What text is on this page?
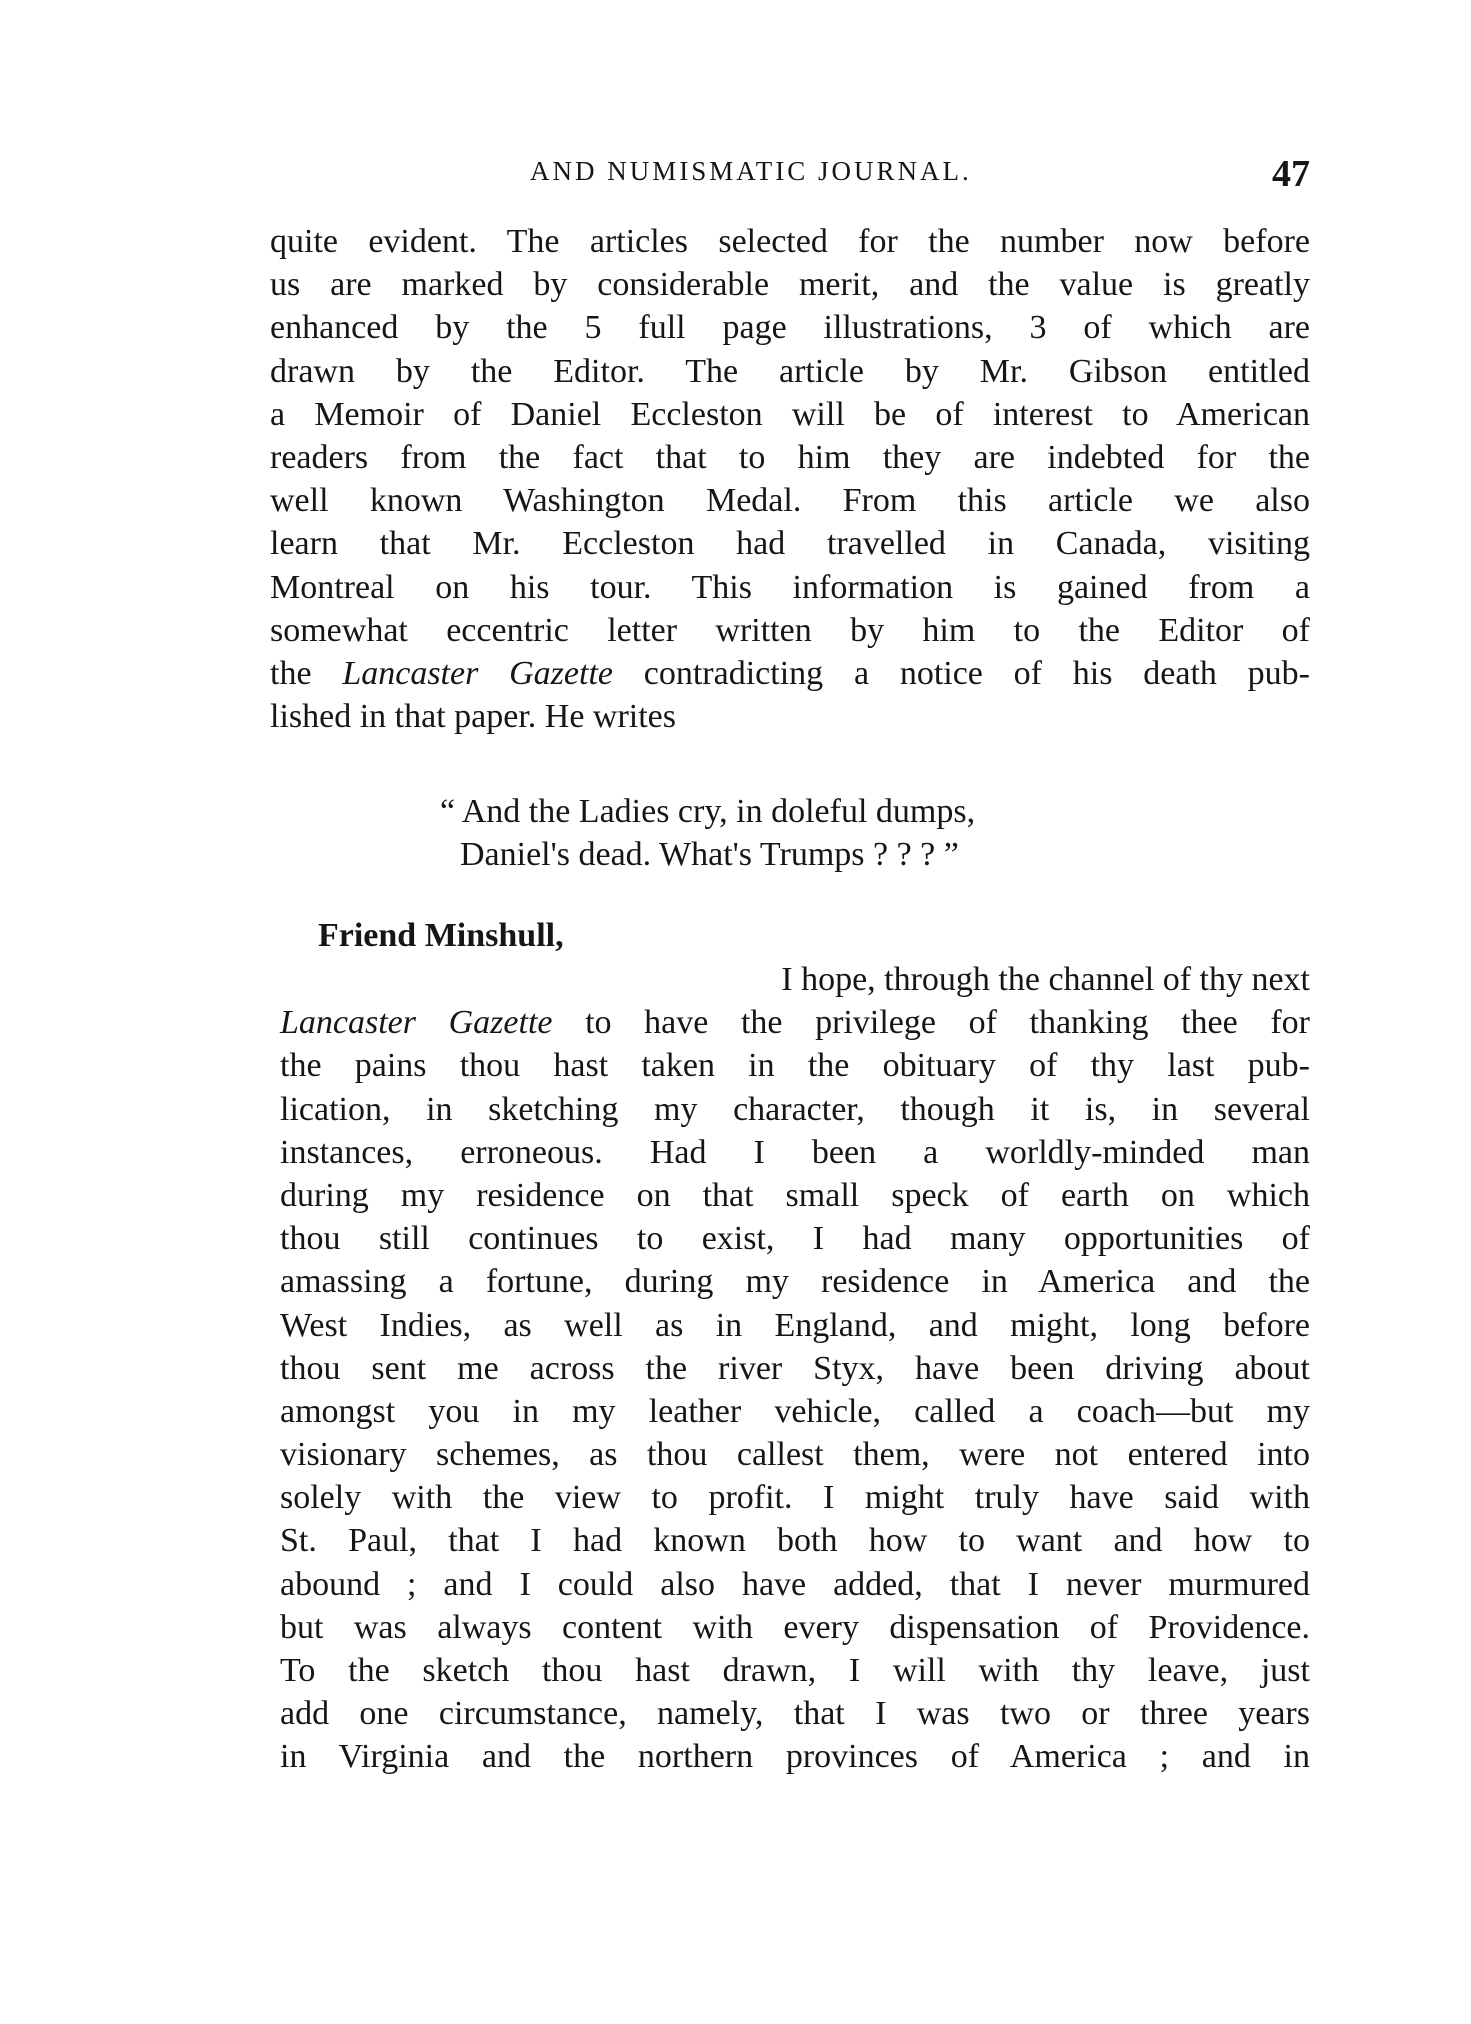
AND NUMISMATIC JOURNAL.	47
quite evident. The articles selected for the number now before
us are marked by considerable merit, and the value is greatly
enhanced by the 5 full page illustrations, 3 of which are
drawn by the Editor. The article by Mr. Gibson entitled
a Memoir of Daniel Eccleston will be of interest to American
readers from the fact that to him they are indebted for the
well known Washington Medal. From this article we also
learn that Mr. Eccleston had travelled in Canada, visiting
Montreal on his tour. This information is gained from a
somewhat eccentric letter written by him to the Editor of
the Lancaster Gazette contradicting a notice of his death pub-
lished in that paper. He writes
“ And the Ladies cry, in doleful dumps,
Daniel's dead. What's Trumps ? ? ? ”
Friend Minshull,
I hope, through the channel of thy next
Lancaster Gazette to have the privilege of thanking thee for
the pains thou hast taken in the obituary of thy last pub-
lication, in sketching my character, though it is, in several
instances, erroneous. Had I been a worldly-minded man
during my residence on that small speck of earth on which
thou still continues to exist, I had many opportunities of
amassing a fortune, during my residence in America and the
West Indies, as well as in England, and might, long before
thou sent me across the river Styx, have been driving about
amongst you in my leather vehicle, called a coach—but my
visionary schemes, as thou callest them, were not entered into
solely with the view to profit. I might truly have said with
St. Paul, that I had known both how to want and how to
abound ; and I could also have added, that I never murmured
but was always content with every dispensation of Providence.
To the sketch thou hast drawn, I will with thy leave, just
add one circumstance, namely, that I was two or three years
in Virginia and the northern provinces of America ; and in
